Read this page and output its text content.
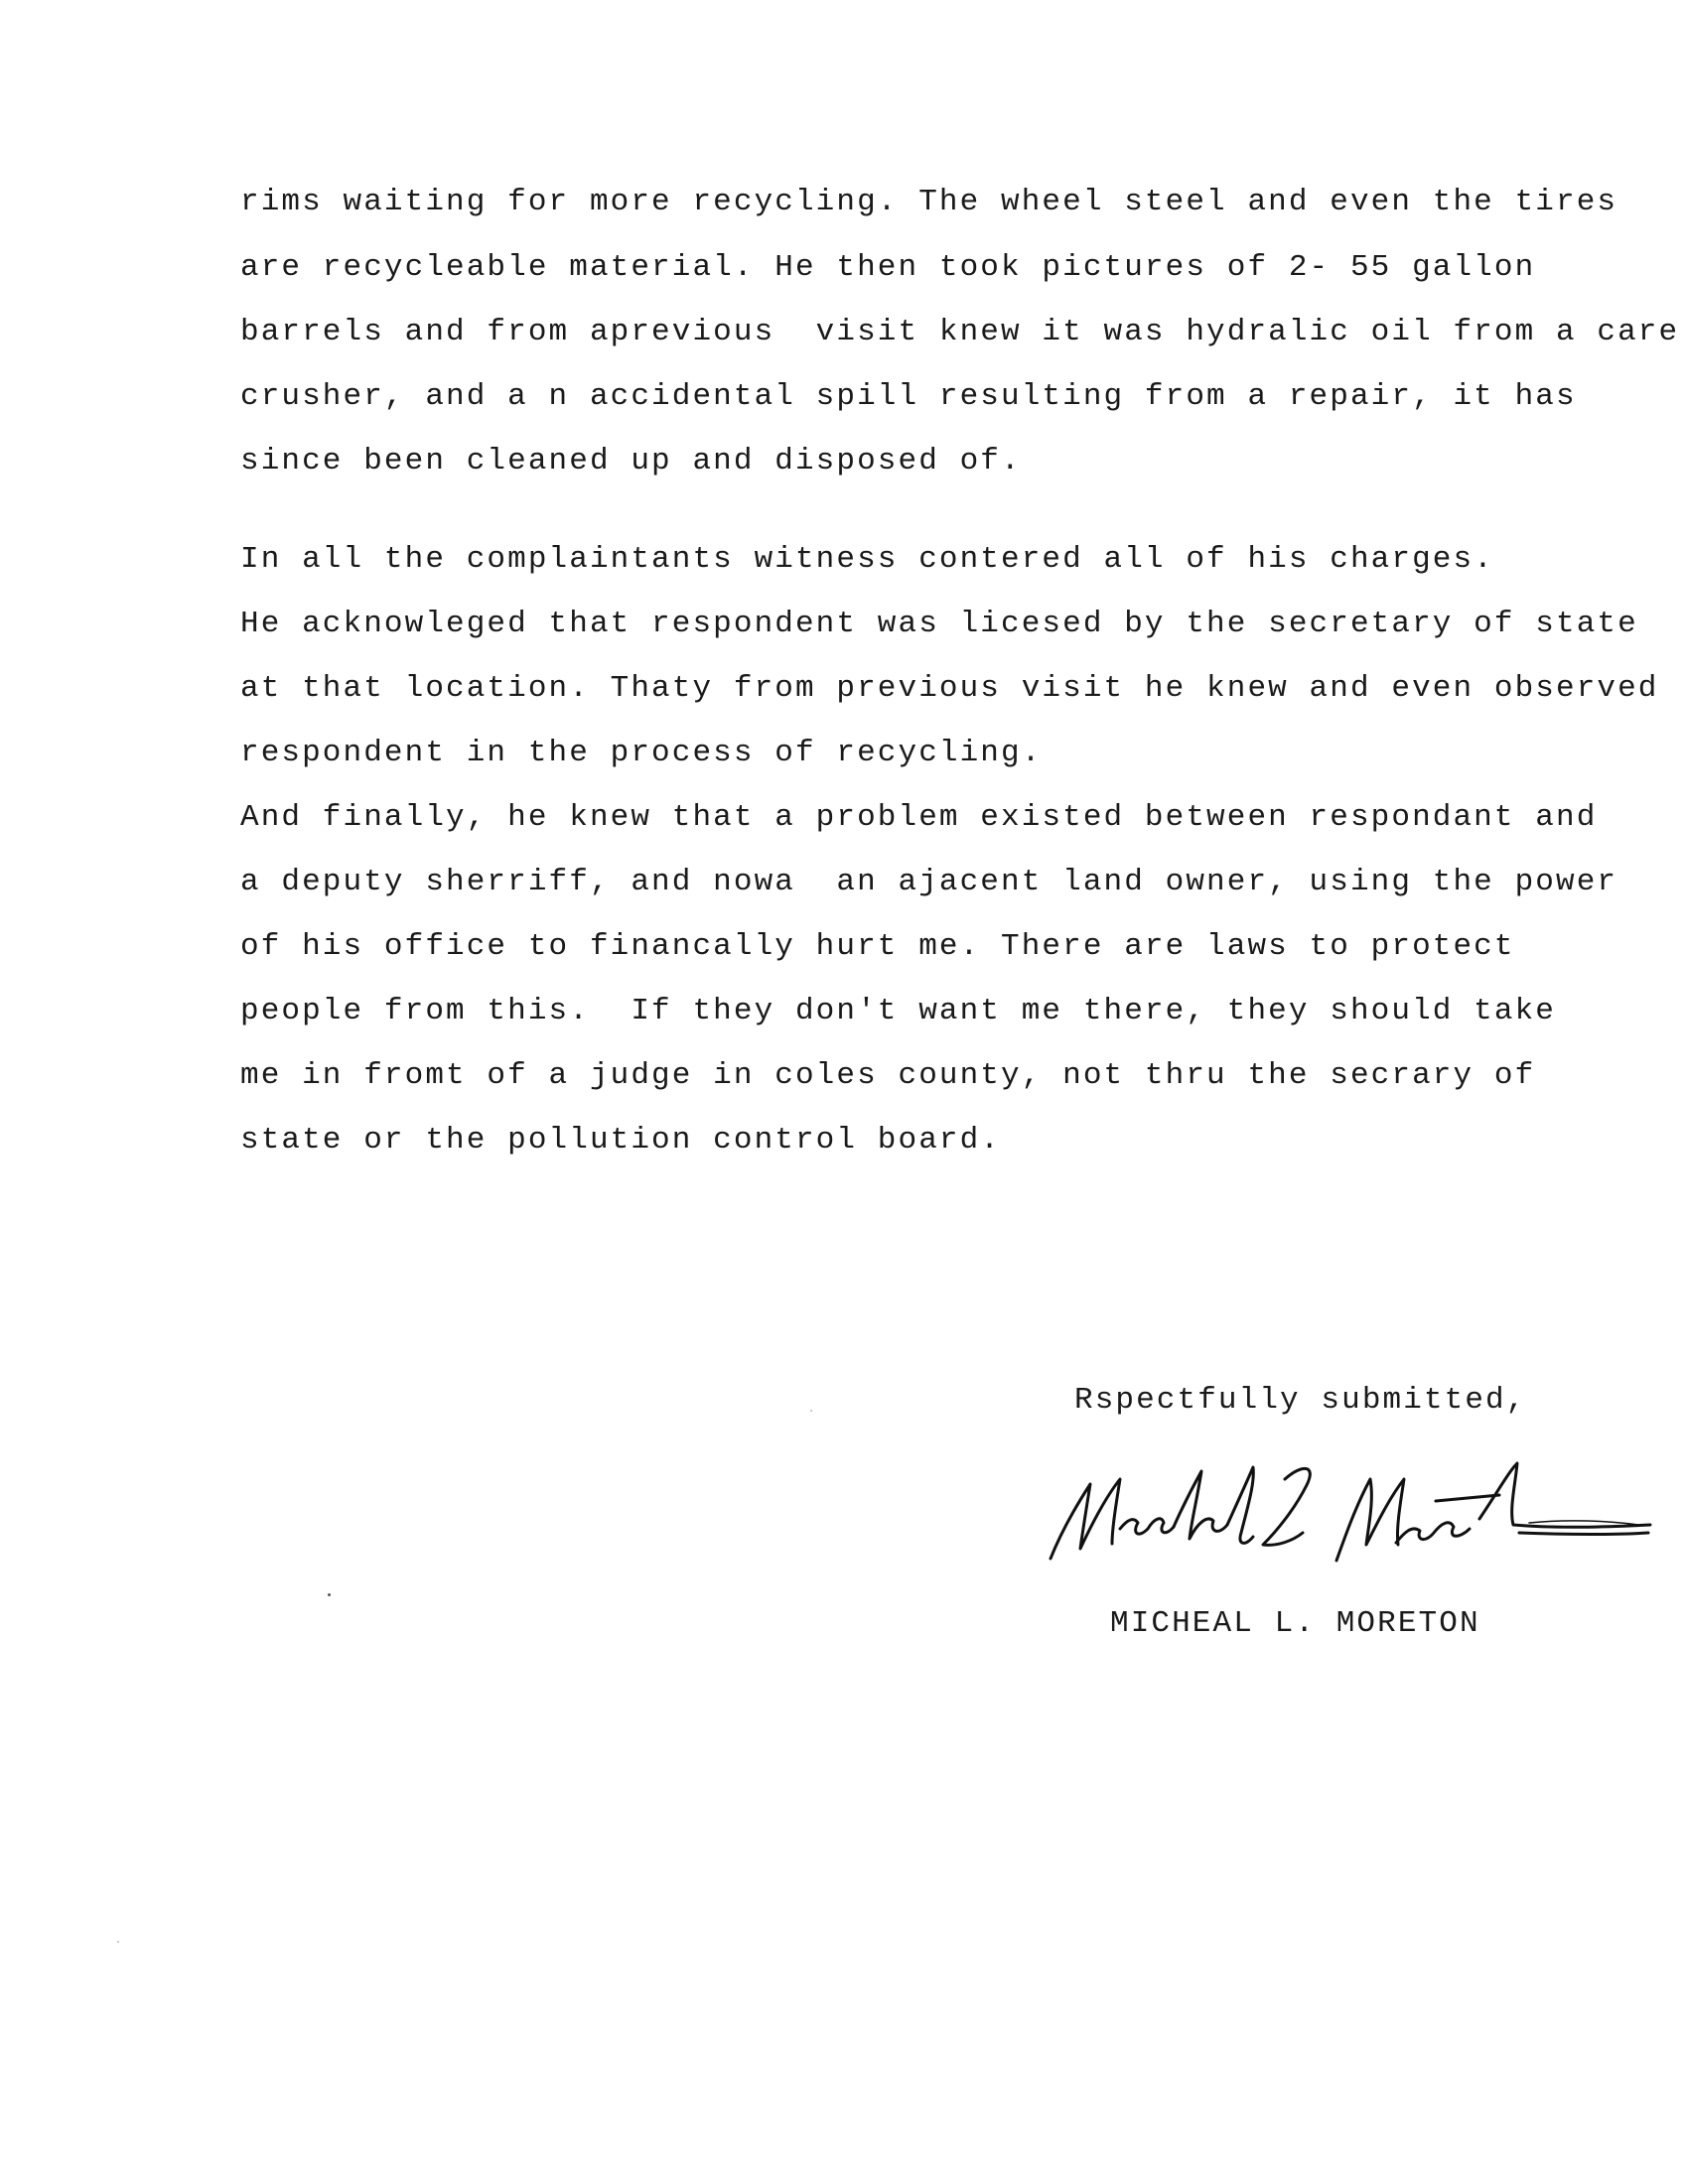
rims waiting for more recycling. The wheel steel and even the tires
are recycleable material. He then took pictures of 2- 55 gallon
barrels and from aprevious  visit knew it was hydralic oil from a care
crusher, and a n accidental spill resulting from a repair, it has
since been cleaned up and disposed of.
In all the complaintants witness contered all of his charges.
He acknowleged that respondent was licesed by the secretary of state
at that location. Thaty from previous visit he knew and even observed
respondent in the process of recycling.
And finally, he knew that a problem existed between respondant and
a deputy sherriff, and nowa  an ajacent land owner, using the power
of his office to financally hurt me. There are laws to protect
people from this.  If they don't want me there, they should take
me in fromt of a judge in coles county, not thru the secrary of
state or the pollution control board.
Rspectfully submitted,
MICHEAL L. MORETON
